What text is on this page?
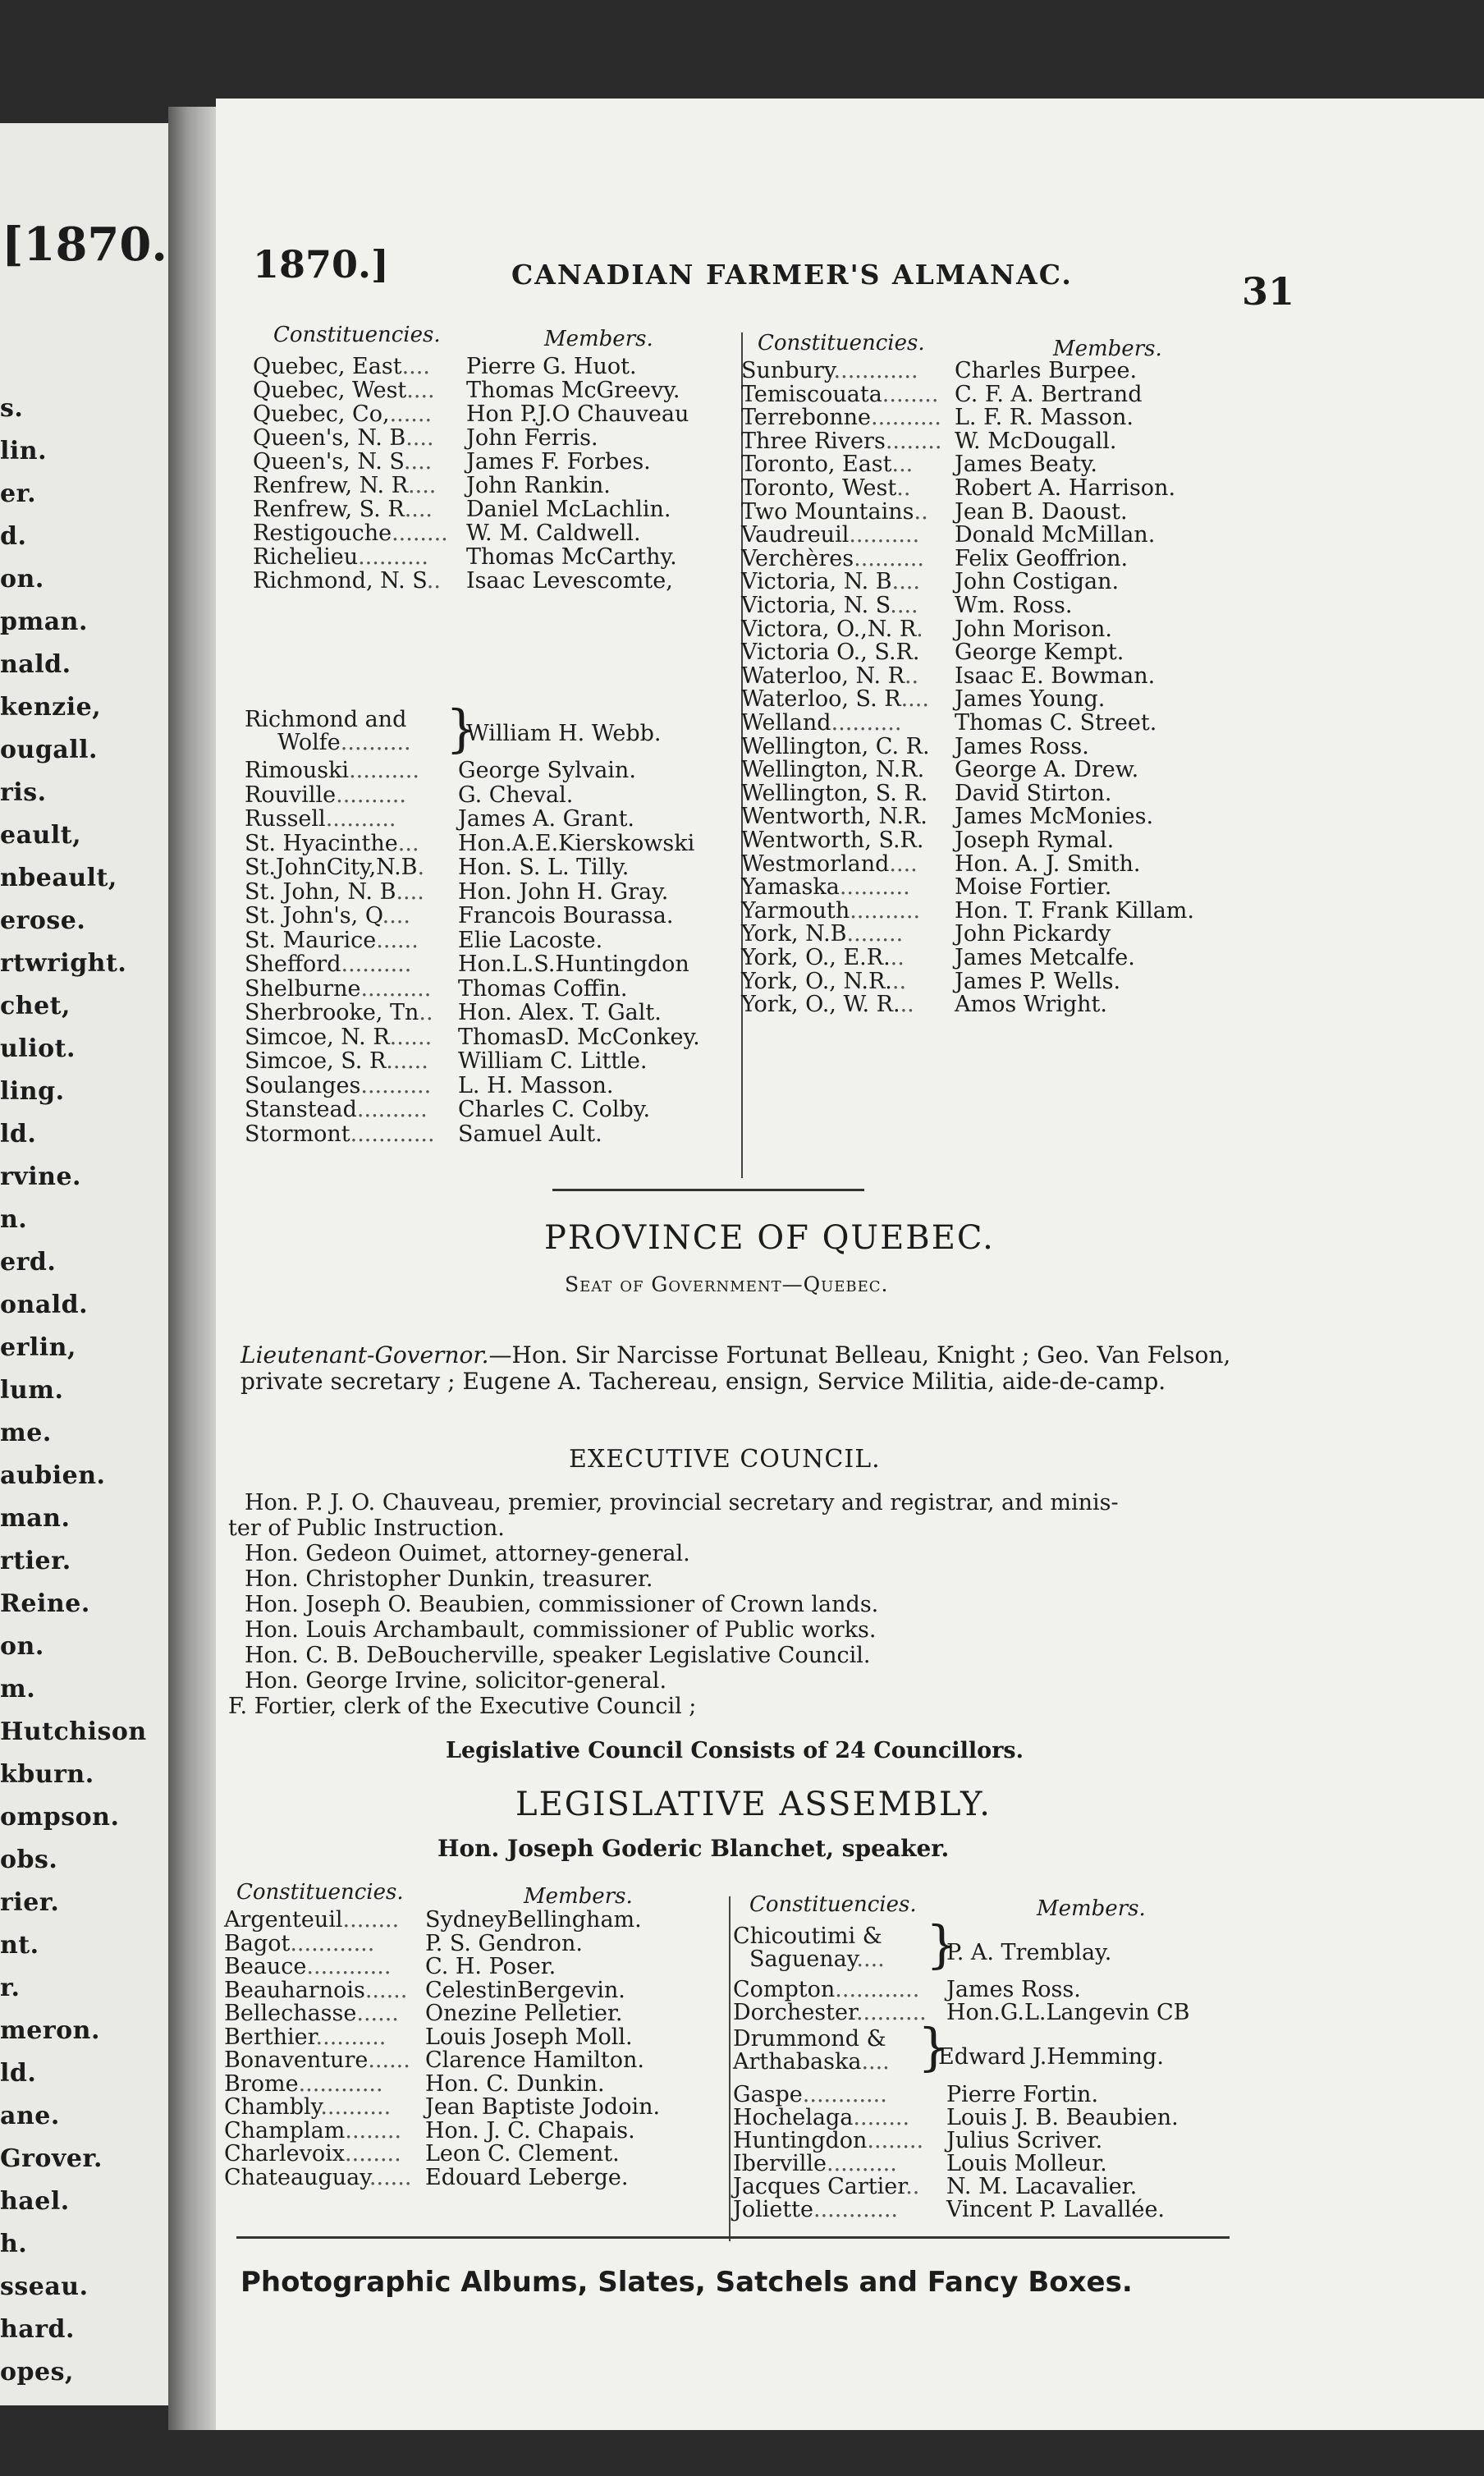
[1870.
s.
lin.
er.
d.
on.
pman.
nald.
kenzie,
ougall.
ris.
eault,
nbeault,
erose.
rtwright.
chet,
uliot.
ling.
ld.
rvine.
n.
erd.
onald.
erlin,
lum.
me.
aubien.
man.
rtier.
Reine.
on.
m.
Hutchison
kburn.
ompson.
obs.
rier.
nt.
r.
meron.
ld.
ane.
Grover.
hael.
h.
sseau.
hard.
opes,
1870.]	CANADIAN FARMER'S ALMANAC.	31
Constituencies.	Members.	Constituencies.	Members.
Quebec, East.... Pierre G. Huot.
Quebec, West.... Thomas McGreevy.
Quebec, Co,...... Hon P.J.O Chauveau
Queen's, N. B.... John Ferris.
Queen's, N. S.... James F. Forbes.
Renfrew, N. R.... John Rankin.
Renfrew, S. R.... Daniel McLachlin.
Restigouche........ W. M. Caldwell.
Richelieu.......... Thomas McCarthy.
Richmond, N. S.. Isaac Levescomte,
Richmond and
Wolfe.......... }
William H. Webb.
Rimouski.......... George Sylvain.
Rouville.......... G. Cheval.
Russell..........	James A. Grant.
St. Hyacinthe... Hon.A.E.Kierskowski
St.JohnCity,N.B. Hon. S. L. Tilly.
St. John, N. B.... Hon. John H. Gray.
St. John's, Q.... Francois Bourassa.
St. Maurice...... Elie Lacoste.
Shefford.......... Hon.L.S.Huntingdon
Shelburne.......... Thomas Coffin.
Sherbrooke, Tn.. Hon. Alex. T. Galt.
Simcoe, N. R...... ThomasD. McConkey.
Simcoe, S. R...... William C. Little.
Soulanges.......... L. H. Masson.
Stanstead.......... Charles C. Colby.
Stormont............ Samuel Ault.
Sunbury............ Charles Burpee.
Temiscouata........ C. F. A. Bertrand
Terrebonne.......... L. F. R. Masson.
Three Rivers........ W. McDougall.
Toronto, East... James Beaty.
Toronto, West.. Robert A. Harrison.
Two Mountains.. Jean B. Daoust.
Vaudreuil.......... Donald McMillan.
Verchères.......... Felix Geoffrion.
Victoria, N. B.... John Costigan.
Victoria, N. S.... Wm. Ross.
Victora, O.,N. R. John Morison.
Victoria O., S.R. George Kempt.
Waterloo, N. R.. Isaac E. Bowman.
Waterloo, S. R.... James Young.
Welland.......... Thomas C. Street.
Wellington, C. R. James Ross.
Wellington, N.R. George A. Drew.
Wellington, S. R. David Stirton.
Wentworth, N.R. James McMonies.
Wentworth, S.R. Joseph Rymal.
Westmorland.... Hon. A. J. Smith.
Yamaska.......... Moise Fortier.
Yarmouth.......... Hon. T. Frank Killam.
York, N.B........ John Pickardy
York, O., E.R... James Metcalfe.
York, O., N.R... James P. Wells.
York, O., W. R... Amos Wright.
PROVINCE OF QUEBEC.
Seat of Government—Quebec.
Lieutenant-Governor.—Hon. Sir Narcisse Fortunat Belleau, Knight ; Geo. Van Felson, private secretary ; Eugene A. Tachereau, ensign, Service Militia, aide-de-camp.
EXECUTIVE COUNCIL.
Hon. P. J. O. Chauveau, premier, provincial secretary and registrar, and minis-
ter of Public Instruction.
Hon. Gedeon Ouimet, attorney-general.
Hon. Christopher Dunkin, treasurer.
Hon. Joseph O. Beaubien, commissioner of Crown lands.
Hon. Louis Archambault, commissioner of Public works.
Hon. C. B. DeBoucherville, speaker Legislative Council.
Hon. George Irvine, solicitor-general.
F. Fortier, clerk of the Executive Council ;
Legislative Council Consists of 24 Councillors.
LEGISLATIVE ASSEMBLY.
Hon. Joseph Goderic Blanchet, speaker.
Constituencies.	Members.	Constituencies.	Members.
Argenteuil........ SydneyBellingham.
Bagot............ P. S. Gendron.
Beauce............ C. H. Poser.
Beauharnois...... CelestinBergevin.
Bellechasse...... Onezine Pelletier.
Berthier.......... Louis Joseph Moll.
Bonaventure...... Clarence Hamilton.
Brome............ Hon. C. Dunkin.
Chambly.......... Jean Baptiste Jodoin.
Champlam........ Hon. J. C. Chapais.
Charlevoix........ Leon C. Clement.
Chateauguay...... Edouard Leberge.
Chicoutimi &
Saguenay.... }
P. A. Tremblay.
Compton............ James Ross.
Dorchester.......... Hon.G.L.Langevin CB
Drummond &
Arthabaska.... }
Edward J.Hemming.
Gaspe............	Pierre Fortin.
Hochelaga........ Louis J. B. Beaubien.
Huntingdon........ Julius Scriver.
Iberville.......... Louis Molleur.
Jacques Cartier.. N. M. Lacavalier.
Joliette............ Vincent P. Lavallée.
Photographic Albums, Slates, Satchels and Fancy Boxes.
